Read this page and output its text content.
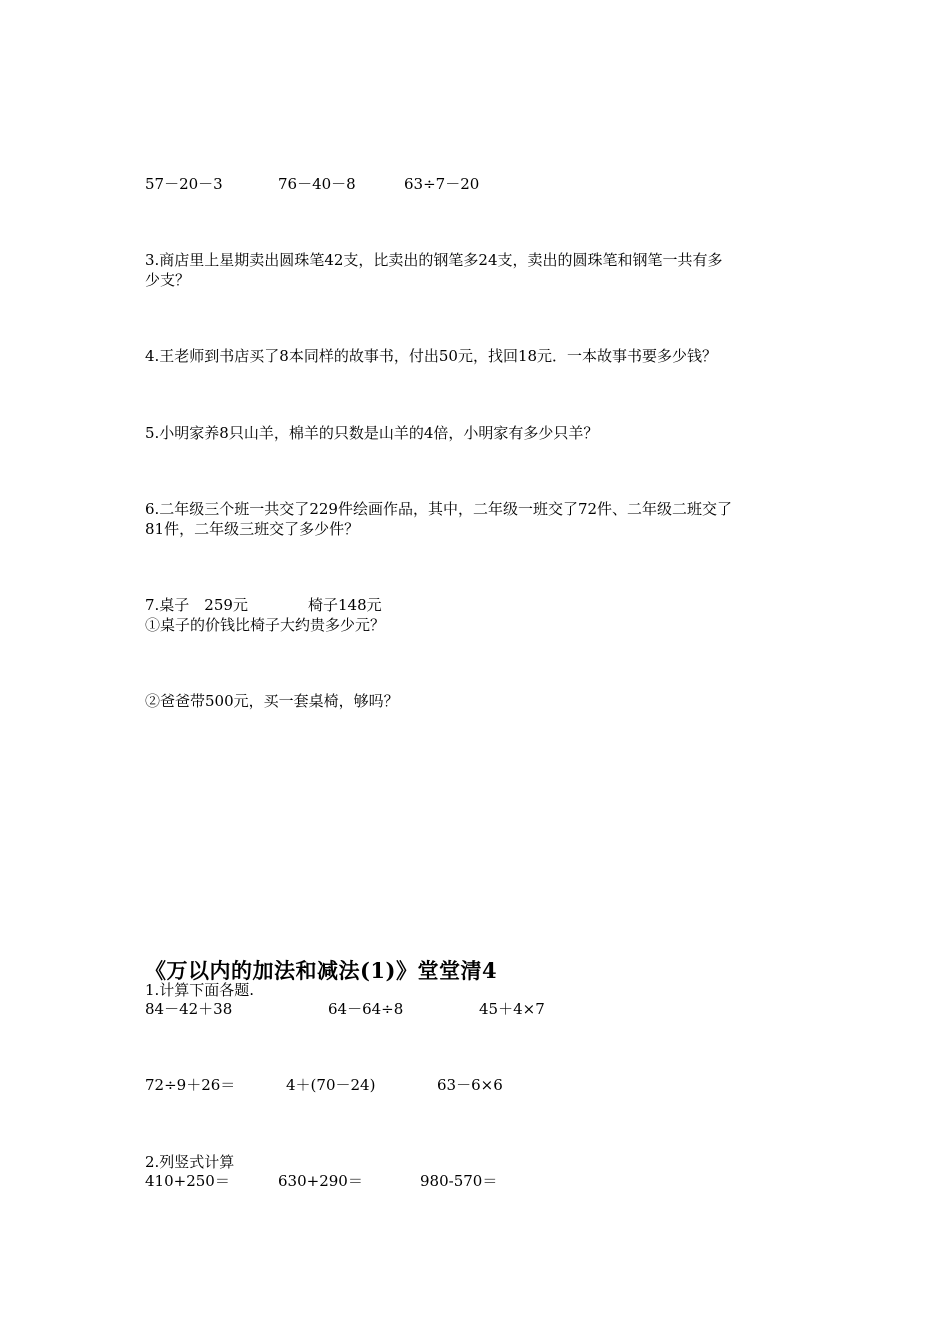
57－20－3	76－40－8	63÷7－20
3.商店里上星期卖出圆珠笔42支，比卖出的钢笔多24支，卖出的圆珠笔和钢笔一共有多
少支？
4.王老师到书店买了8本同样的故事书，付出50元，找回18元．一本故事书要多少钱？
5.小明家养8只山羊，棉羊的只数是山羊的4倍，小明家有多少只羊？
6.二年级三个班一共交了229件绘画作品，其中，二年级一班交了72件、二年级二班交了
81件，二年级三班交了多少件？
7.桌子　259元	椅子148元
①桌子的价钱比椅子大约贵多少元？
②爸爸带500元，买一套桌椅，够吗？
《万以内的加法和减法(1)》堂堂清4
1.计算下面各题.
84－42＋38	64－64÷8	45＋4×7
72÷9＋26＝	4＋(70－24)	63－6×6
2.列竖式计算
410+250＝	630+290＝	980-570＝
